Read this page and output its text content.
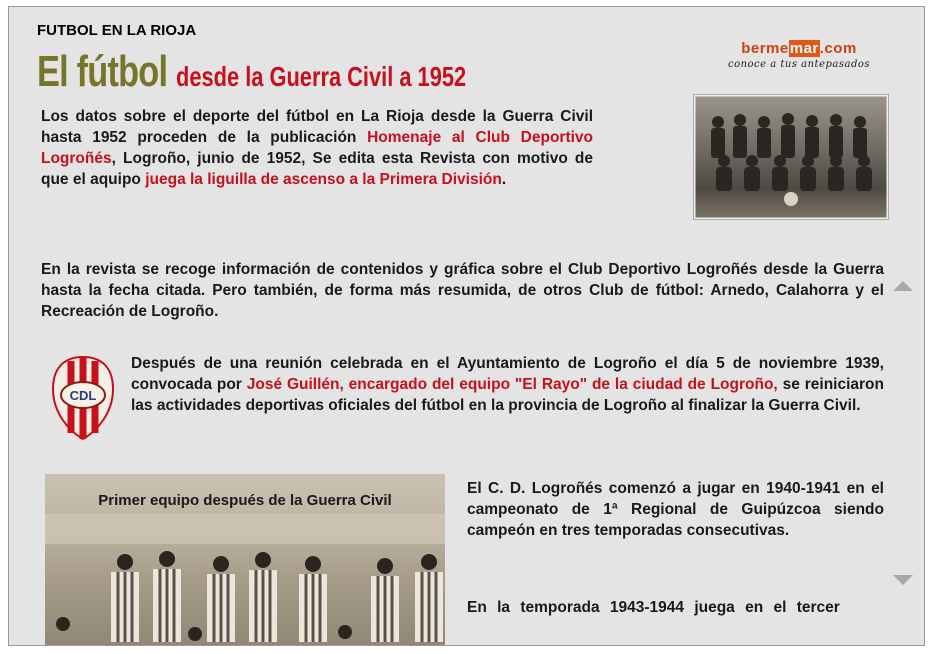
FUTBOL EN LA RIOJA
El fútbol desde la Guerra Civil a 1952
bermemar.com
conoce a tus antepasados
Los datos sobre el deporte del fútbol en La Rioja desde la Guerra Civil hasta 1952 proceden de la publicación Homenaje al Club Deportivo Logroñés, Logroño, junio de 1952, Se edita esta Revista con motivo de que el aquipo juega la liguilla de ascenso a la Primera División.
En la revista se recoge información de contenidos y gráfica sobre el Club Deportivo Logroñés desde la Guerra hasta la fecha citada. Pero también, de forma más resumida, de otros Club de fútbol: Arnedo, Calahorra y el Recreación de Logroño.
CDL
Después de una reunión celebrada en el Ayuntamiento de Logroño el día 5 de noviembre 1939, convocada por José Guillén, encargado del equipo "El Rayo" de la ciudad de Logroño, se reiniciaron las actividades deportivas oficiales del fútbol en la provincia de Logroño al finalizar la Guerra Civil.
Primer equipo después de la Guerra Civil
El C. D. Logroñés comenzó a jugar en 1940-1941 en el campeonato de 1ª Regional de Guipúzcoa siendo campeón en tres temporadas consecutivas.
En la temporada 1943-1944 juega en el tercer
